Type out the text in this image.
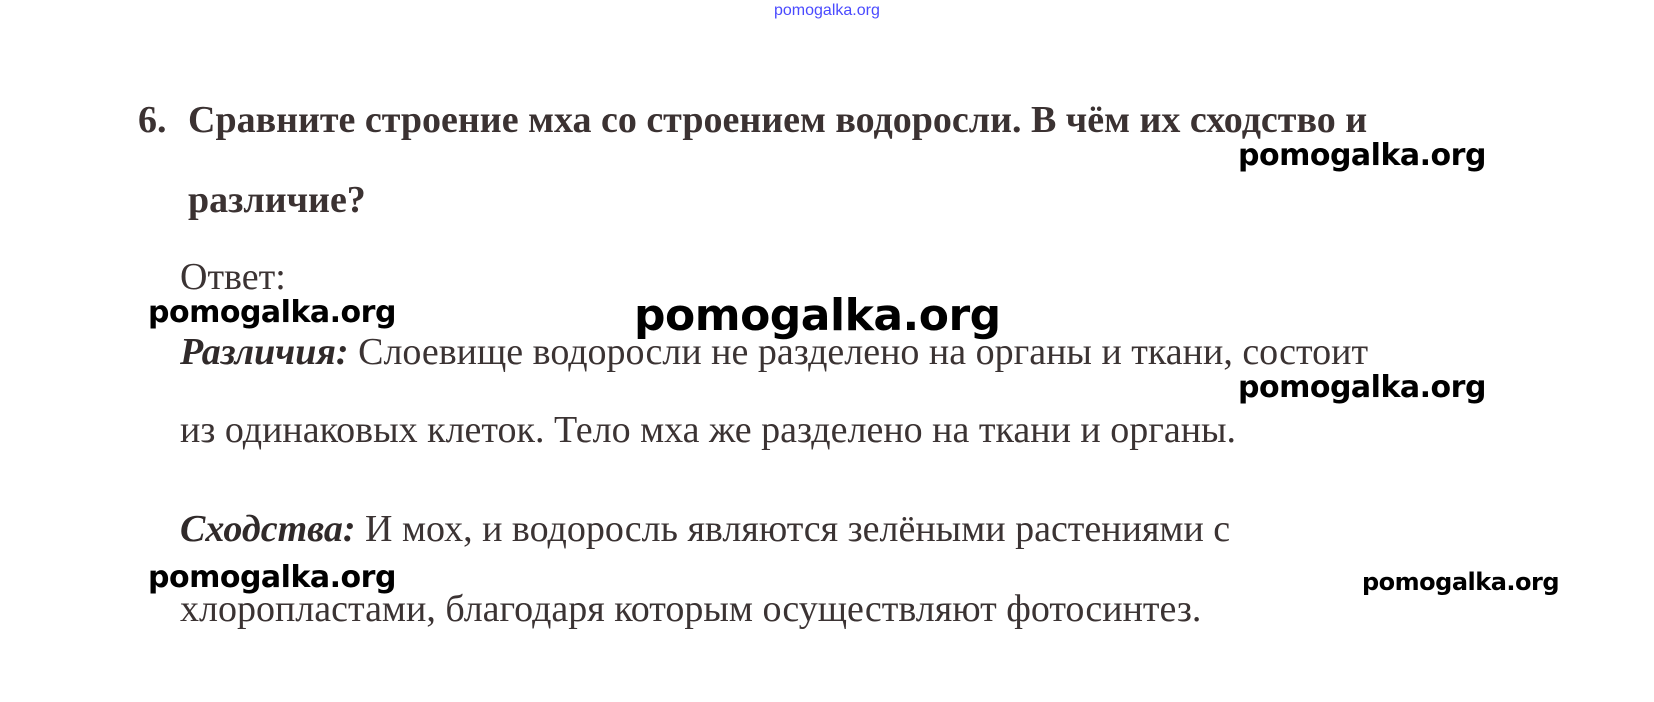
pomogalka.org
6. Сравните строение мха со строением водоросли. В чём их сходство и
различие?
Ответ:
Различия: Слоевище водоросли не разделено на органы и ткани, состоит
из одинаковых клеток. Тело мха же разделено на ткани и органы.
Сходства: И мох, и водоросль являются зелёными растениями с
хлоропластами, благодаря которым осуществляют фотосинтез.
pomogalka.org
pomogalka.org	pomogalka.org
pomogalka.org
pomogalka.org	pomogalka.org
